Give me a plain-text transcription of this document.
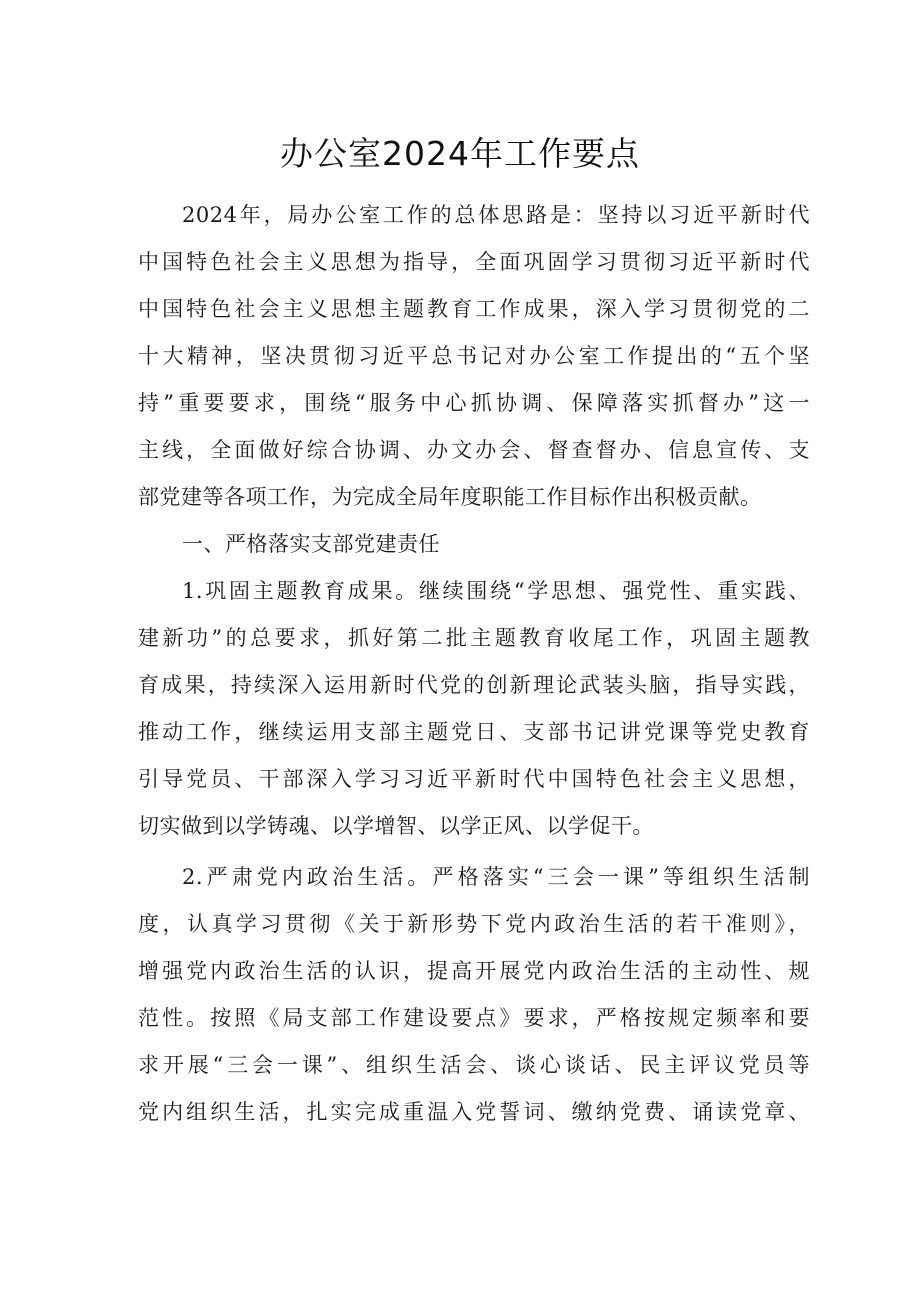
办公室2024年工作要点
2024年，局办公室工作的总体思路是：坚持以习近平新时代
中国特色社会主义思想为指导，全面巩固学习贯彻习近平新时代
中国特色社会主义思想主题教育工作成果，深入学习贯彻党的二
十大精神，坚决贯彻习近平总书记对办公室工作提出的“五个坚
持”重要要求，围绕“服务中心抓协调、保障落实抓督办”这一
主线，全面做好综合协调、办文办会、督查督办、信息宣传、支
部党建等各项工作，为完成全局年度职能工作目标作出积极贡献。
一、严格落实支部党建责任
1.巩固主题教育成果。继续围绕“学思想、强党性、重实践、
建新功”的总要求，抓好第二批主题教育收尾工作，巩固主题教
育成果，持续深入运用新时代党的创新理论武装头脑，指导实践，
推动工作，继续运用支部主题党日、支部书记讲党课等党史教育
引导党员、干部深入学习习近平新时代中国特色社会主义思想，
切实做到以学铸魂、以学增智、以学正风、以学促干。
2.严肃党内政治生活。严格落实“三会一课”等组织生活制
度，认真学习贯彻《关于新形势下党内政治生活的若干准则》，
增强党内政治生活的认识，提高开展党内政治生活的主动性、规
范性。按照《局支部工作建设要点》要求，严格按规定频率和要
求开展“三会一课”、组织生活会、谈心谈话、民主评议党员等
党内组织生活，扎实完成重温入党誓词、缴纳党费、诵读党章、
